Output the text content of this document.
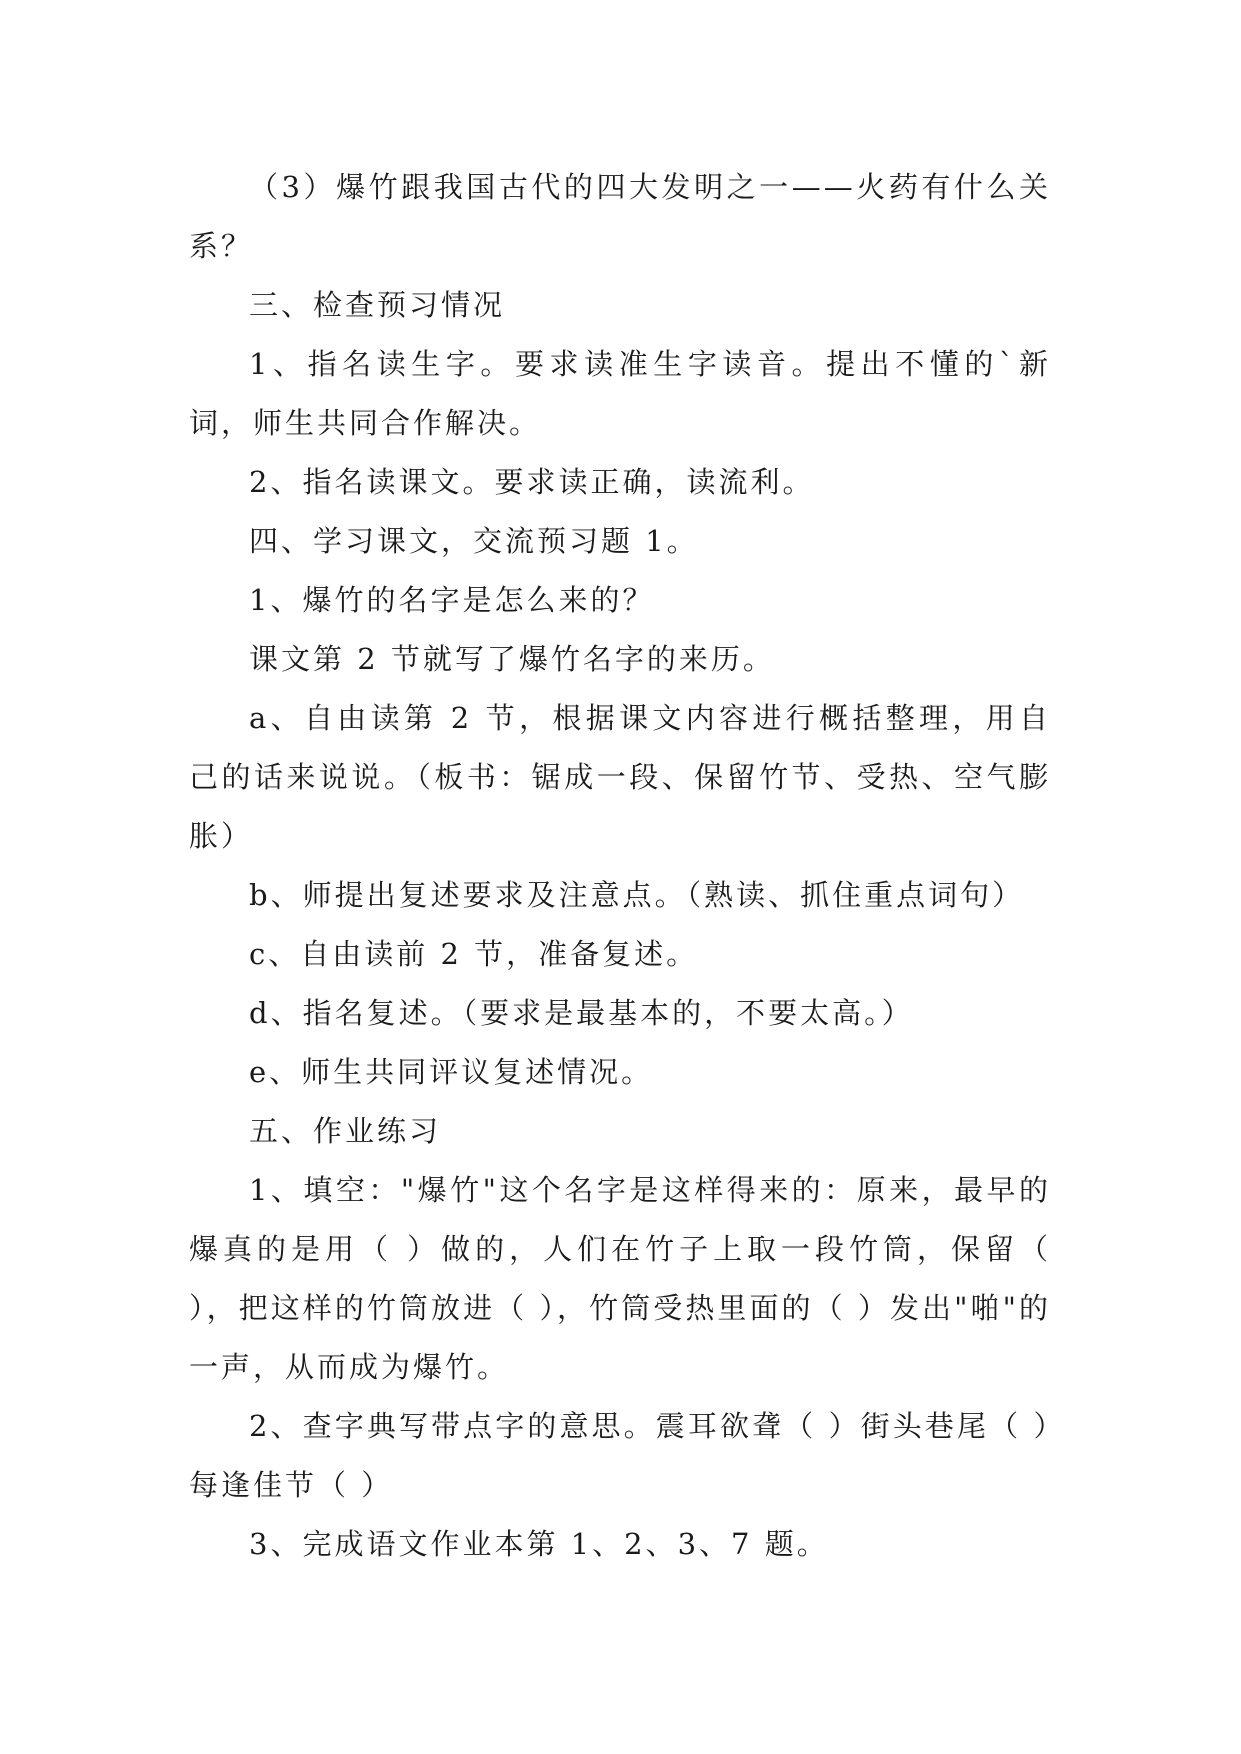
（3）爆竹跟我国古代的四大发明之一——火药有什么关系？

三、检查预习情况

1、指名读生字。要求读准生字读音。提出不懂的`新词，师生共同合作解决。

2、指名读课文。要求读正确，读流利。

四、学习课文，交流预习题 1。

1、爆竹的名字是怎么来的？

课文第 2 节就写了爆竹名字的来历。

a、自由读第 2 节，根据课文内容进行概括整理，用自己的话来说说。（板书：锯成一段、保留竹节、受热、空气膨胀）

b、师提出复述要求及注意点。（熟读、抓住重点词句）

c、自由读前 2 节，准备复述。

d、指名复述。（要求是最基本的，不要太高。）

e、师生共同评议复述情况。

五、作业练习

1、填空："爆竹"这个名字是这样得来的：原来，最早的爆真的是用（ ）做的，人们在竹子上取一段竹筒，保留（ ），把这样的竹筒放进（ ），竹筒受热里面的（ ）发出"啪"的一声，从而成为爆竹。

2、查字典写带点字的意思。震耳欲聋（ ）街头巷尾（ ）每逢佳节（ ）

3、完成语文作业本第 1、2、3、7 题。
